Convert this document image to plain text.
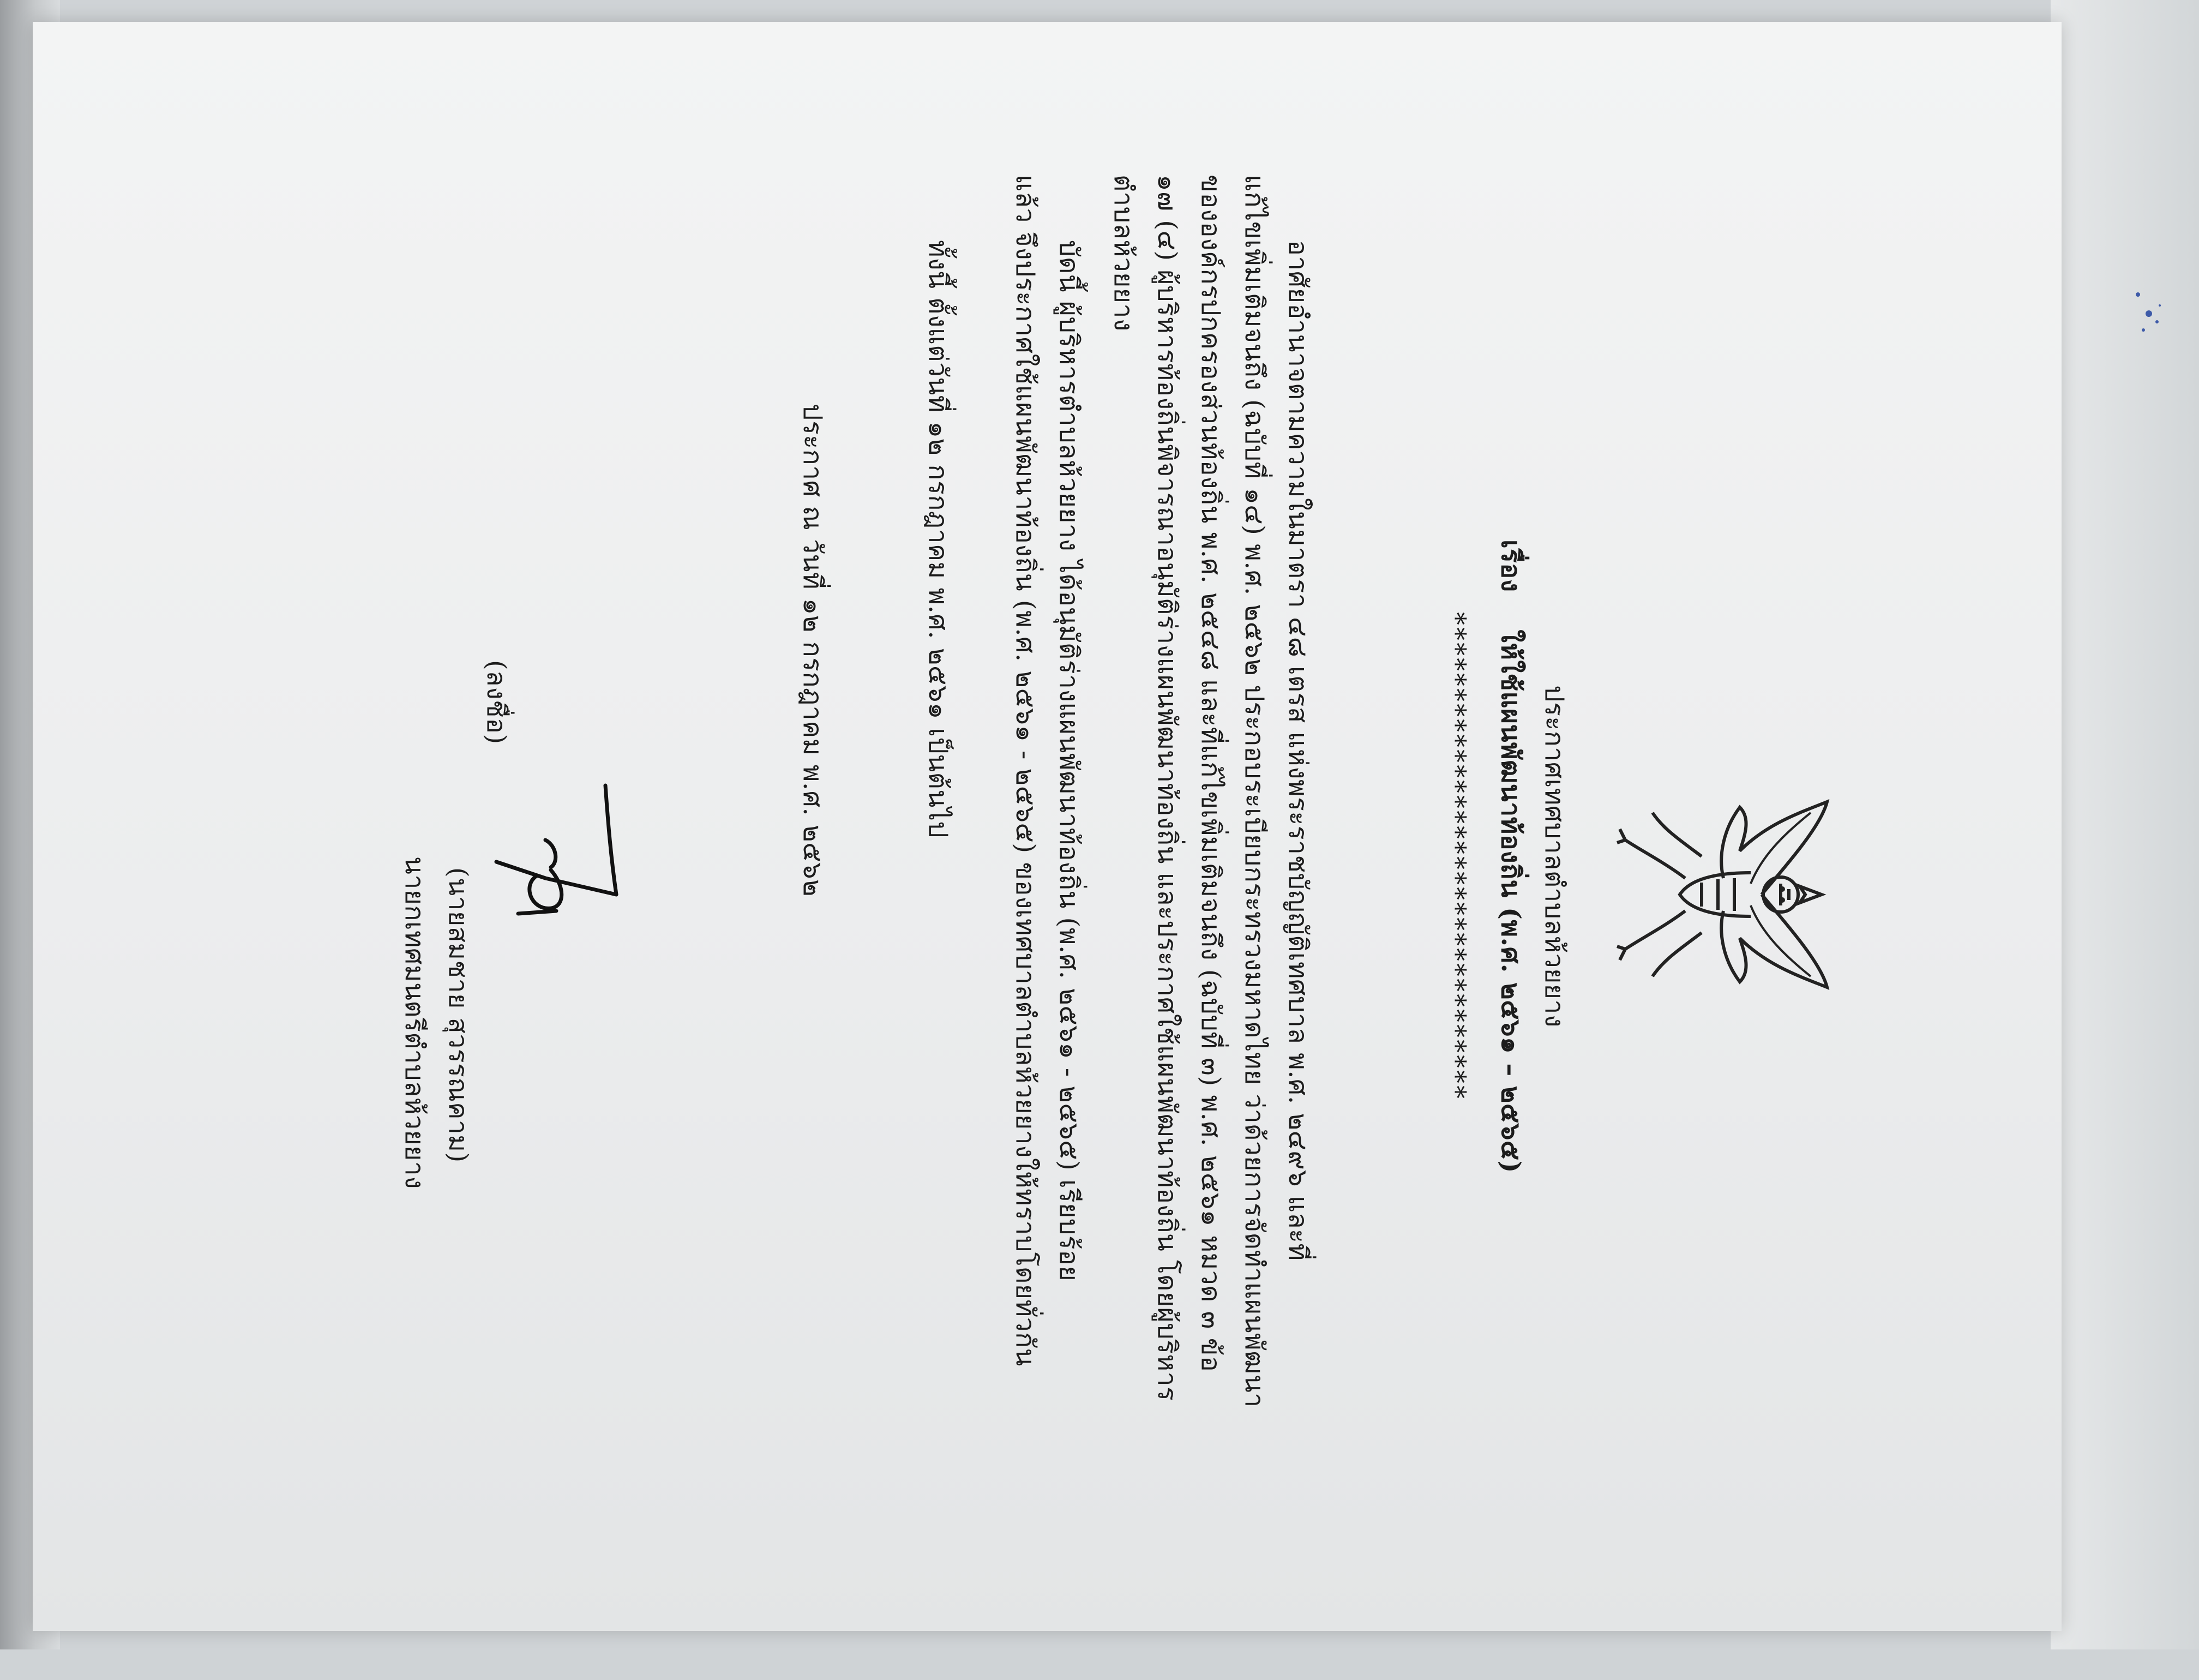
ประกาศเทศบาลตำบลห้วยยาง
เรื่อง    ให้ใช้แผนพัฒนาท้องถิ่น (พ.ศ. ๒๕๖๑ – ๒๕๖๕)
********************************
อาศัยอำนาจตามความในมาตรา ๔๘ เตรส แห่งพระราชบัญญัติเทศบาล พ.ศ. ๒๔๙๖ และที่
แก้ไขเพิ่มเติมจนถึง (ฉบับที่ ๑๔) พ.ศ. ๒๕๖๒ ประกอบระเบียบกระทรวงมหาดไทย ว่าด้วยการจัดทำแผนพัฒนา
ขององค์กรปกครองส่วนท้องถิ่น พ.ศ. ๒๕๔๘ และที่แก้ไขเพิ่มเติมจนถึง (ฉบับที่ ๓) พ.ศ. ๒๕๖๑ หมวด ๓ ข้อ
๑๗ (๔) ผู้บริหารท้องถิ่นพิจารณาอนุมัติร่างแผนพัฒนาท้องถิ่น และประกาศใช้แผนพัฒนาท้องถิ่น โดยผู้บริหาร
ตำบลห้วยยาง
บัดนี้ ผู้บริหารตำบลห้วยยาง ได้อนุมัติร่างแผนพัฒนาท้องถิ่น (พ.ศ. ๒๕๖๑ - ๒๕๖๕) เรียบร้อย
แล้ว จึงประกาศใช้แผนพัฒนาท้องถิ่น (พ.ศ. ๒๕๖๑ - ๒๕๖๕) ของเทศบาลตำบลห้วยยางให้ทราบโดยทั่วกัน
ทั้งนี้ ตั้งแต่วันที่ ๑๒ กรกฎาคม พ.ศ. ๒๕๖๑ เป็นต้นไป
ประกาศ ณ วันที่ ๑๒ กรกฎาคม พ.ศ. ๒๕๖๒
(ลงชื่อ)
(นายสมชาย สุวรรณคาม)
นายกเทศมนตรีตำบลห้วยยาง
